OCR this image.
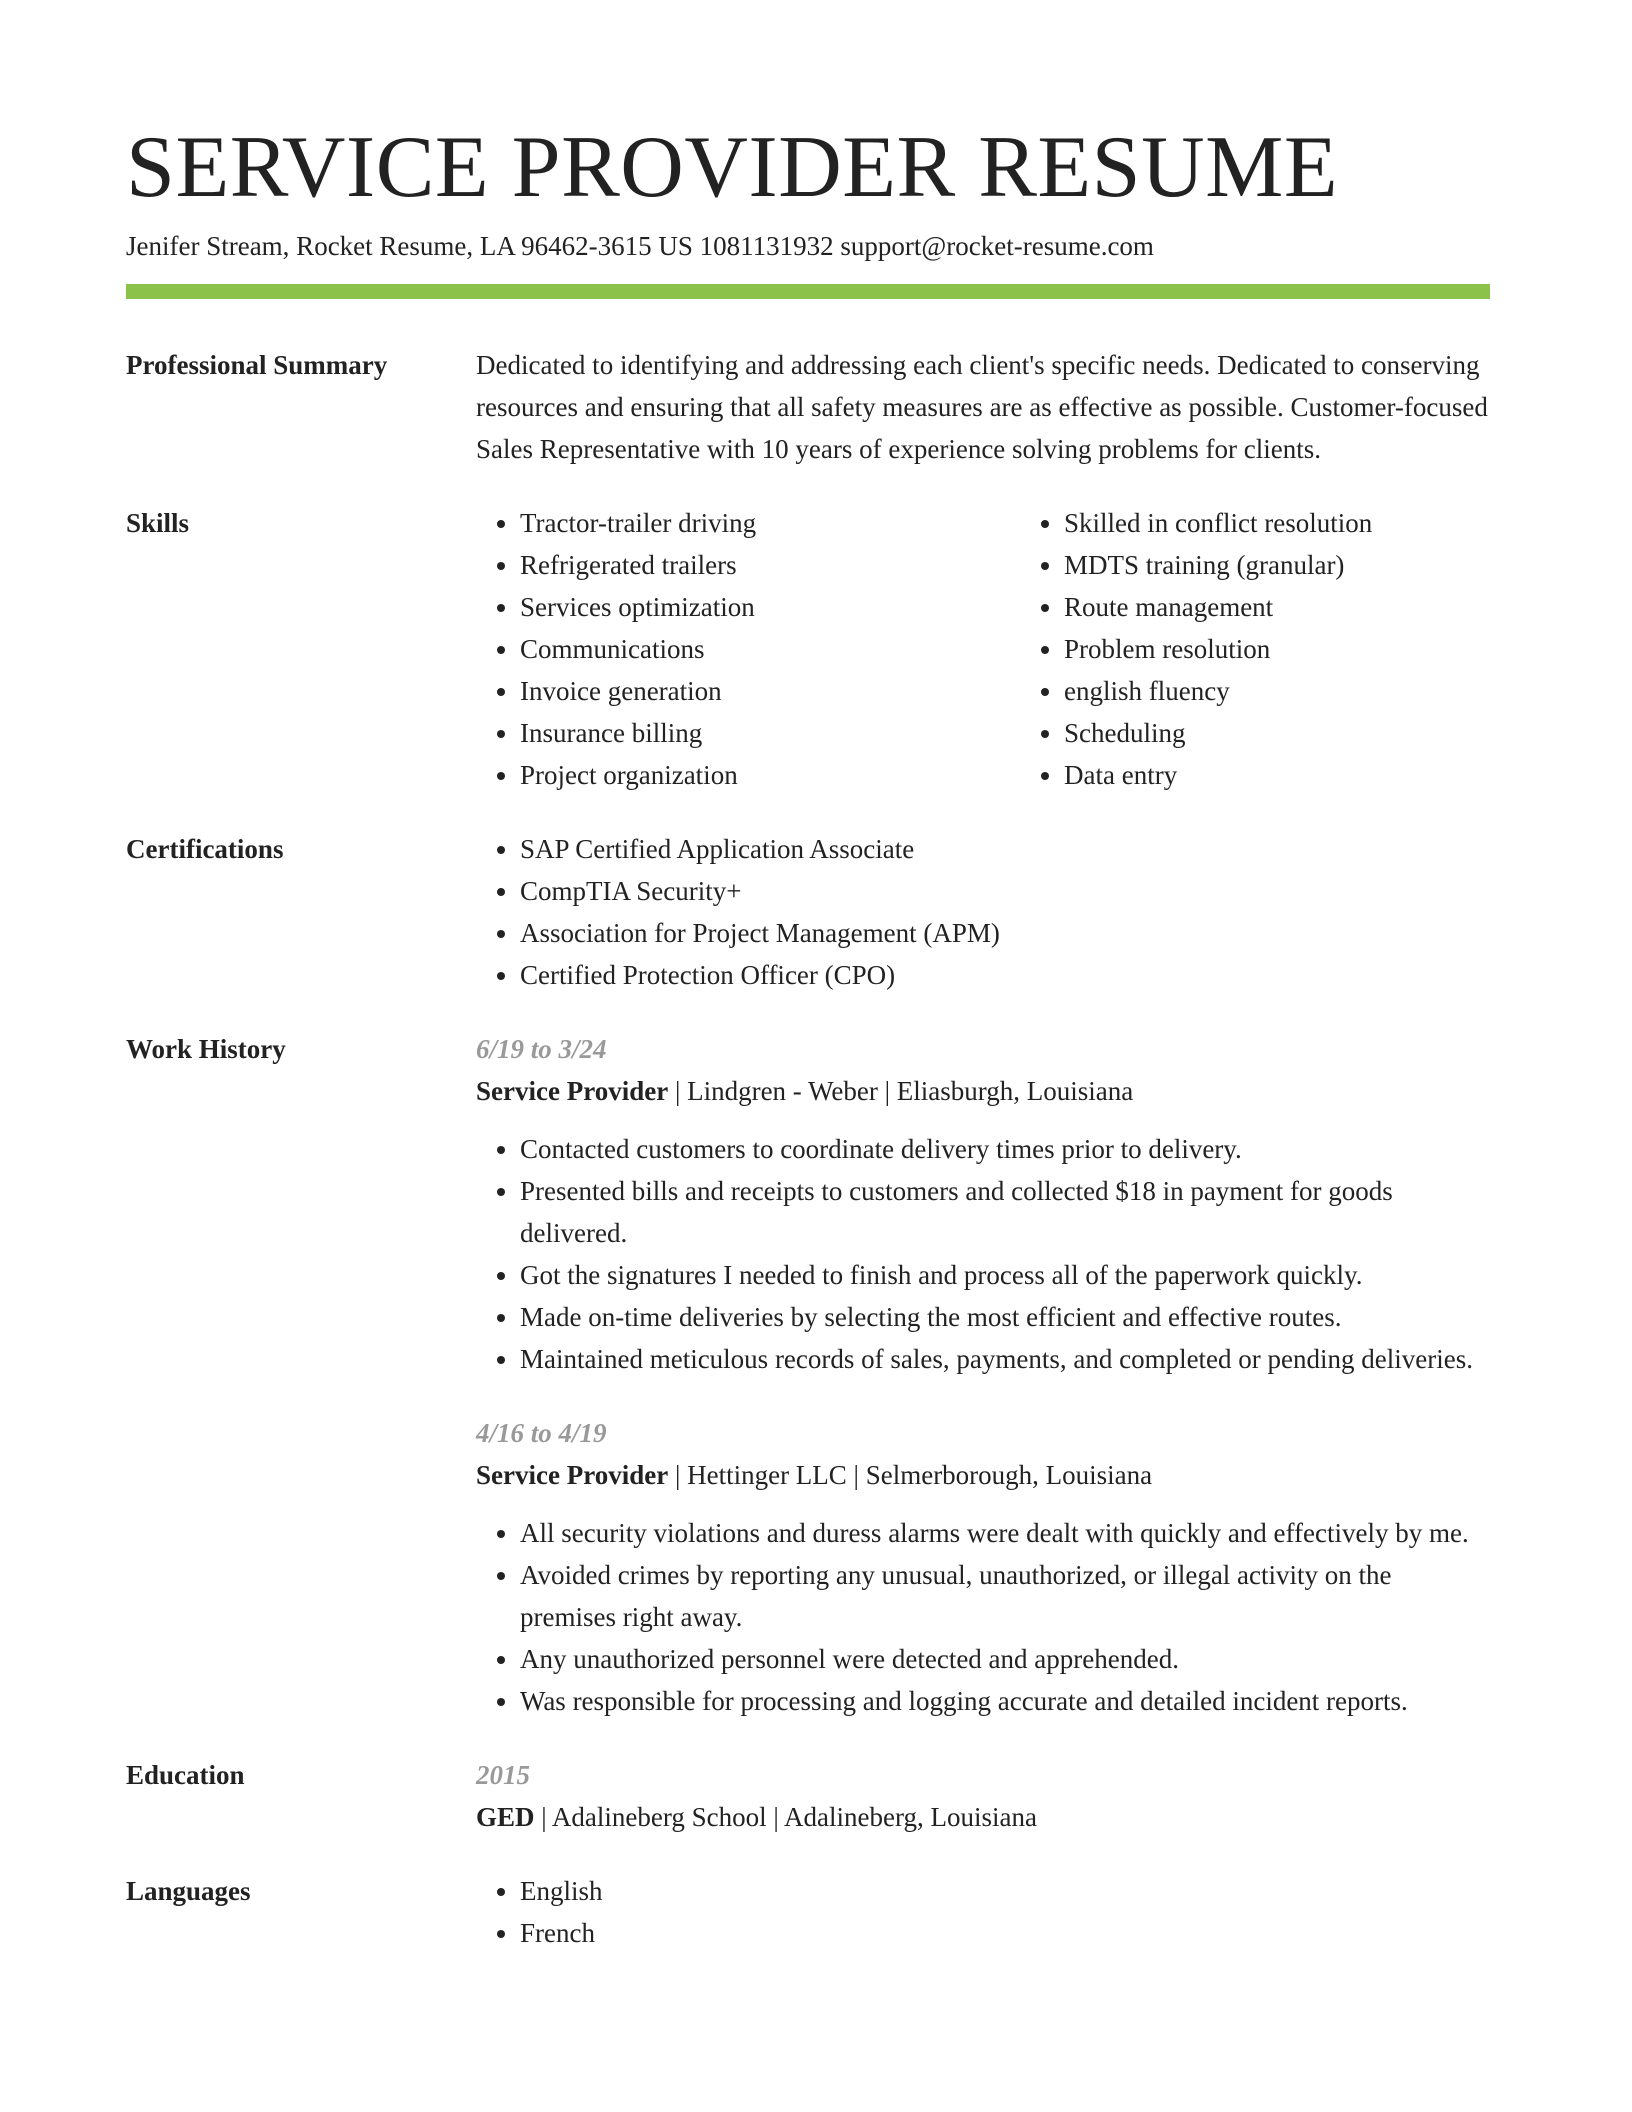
SERVICE PROVIDER RESUME
Jenifer Stream, Rocket Resume, LA 96462-3615 US 1081131932 support@rocket-resume.com
Professional Summary	Dedicated to identifying and addressing each client's specific needs. Dedicated to conserving resources and ensuring that all safety measures are as effective as possible. Customer-focused Sales Representative with 10 years of experience solving problems for clients.

Skills	• Tractor-trailer driving
• Refrigerated trailers
• Services optimization
• Communications
• Invoice generation
• Insurance billing
• Project organization
• Skilled in conflict resolution
• MDTS training (granular)
• Route management
• Problem resolution
• english fluency
• Scheduling
• Data entry
Certifications	• SAP Certified Application Associate
• CompTIA Security+
• Association for Project Management (APM)
• Certified Protection Officer (CPO)
Work History	6/19 to 3/24
Service Provider | Lindgren - Weber | Eliasburgh, Louisiana
• Contacted customers to coordinate delivery times prior to delivery.
• Presented bills and receipts to customers and collected $18 in payment for goods delivered.
• Got the signatures I needed to finish and process all of the paperwork quickly.
• Made on-time deliveries by selecting the most efficient and effective routes.
• Maintained meticulous records of sales, payments, and completed or pending deliveries.
4/16 to 4/19
Service Provider | Hettinger LLC | Selmerborough, Louisiana
• All security violations and duress alarms were dealt with quickly and effectively by me.
• Avoided crimes by reporting any unusual, unauthorized, or illegal activity on the premises right away.
• Any unauthorized personnel were detected and apprehended.
• Was responsible for processing and logging accurate and detailed incident reports.
Education	2015
GED | Adalineberg School | Adalineberg, Louisiana
Languages	• English
• French
